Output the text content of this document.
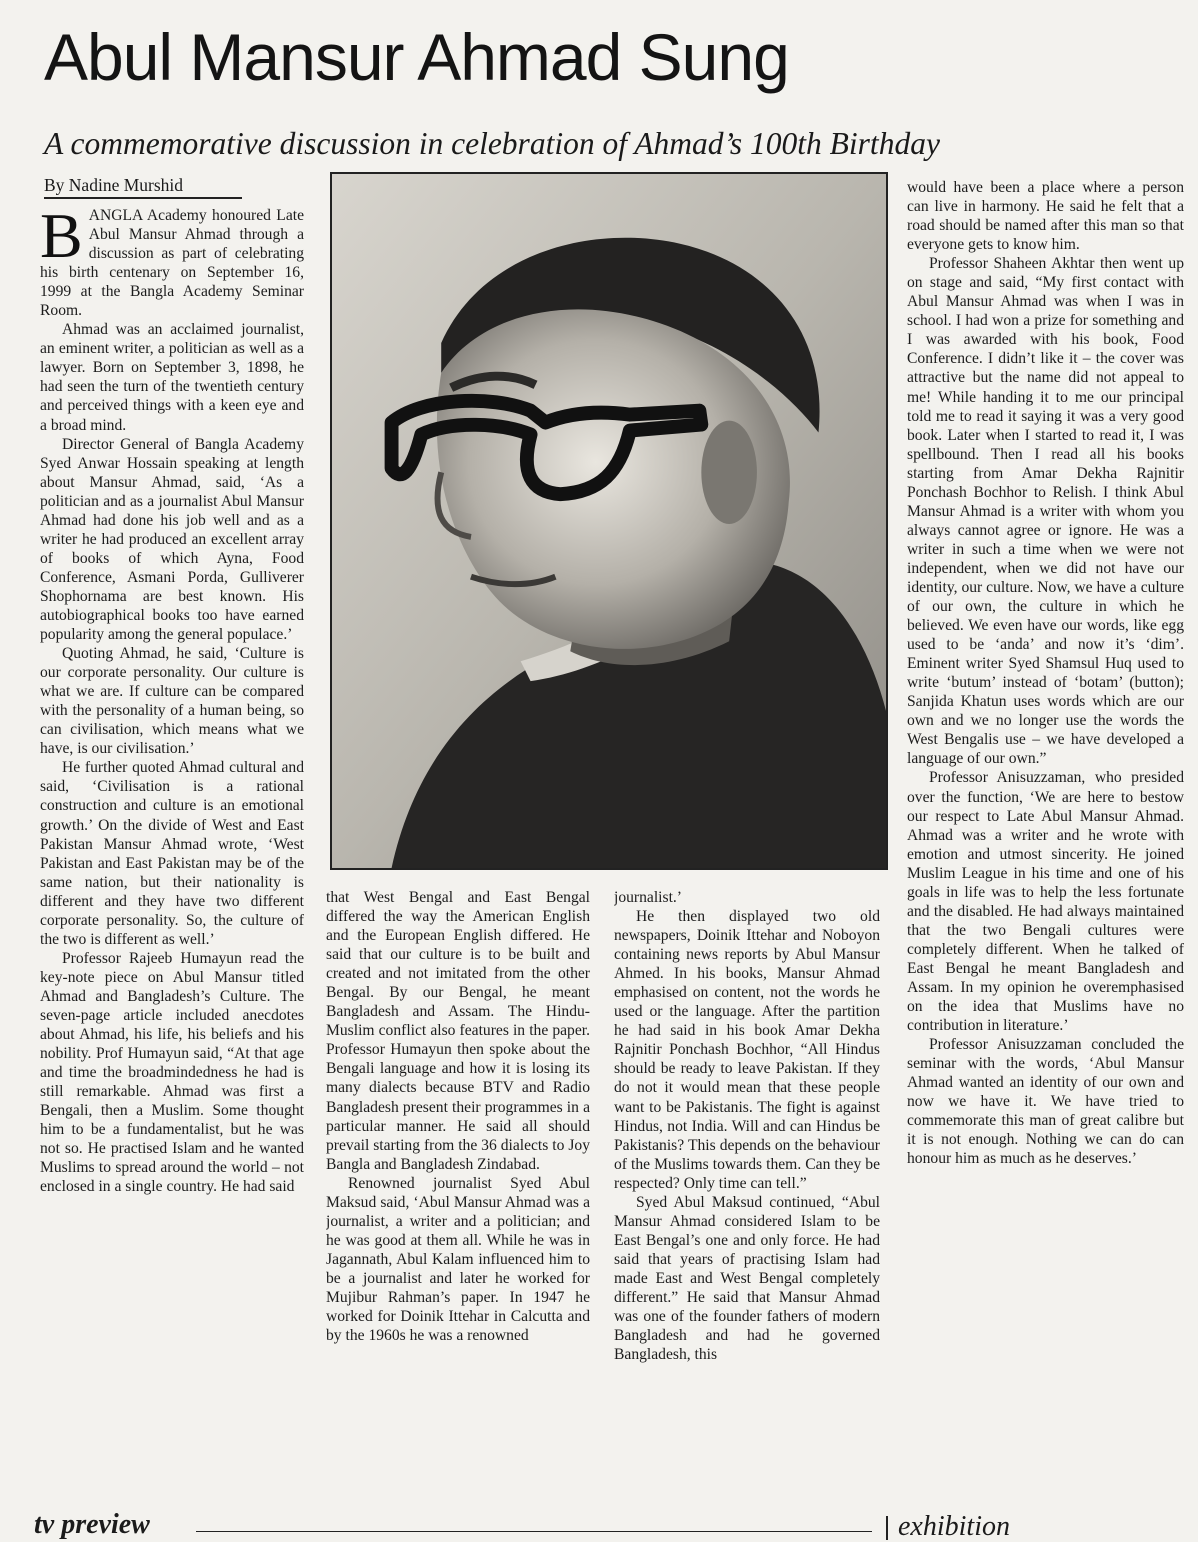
Abul Mansur Ahmad Sung
A commemorative discussion in celebration of Ahmad’s 100th Birthday
By Nadine Murshid

BANGLA Academy honoured Late Abul Mansur Ahmad through a discussion as part of celebrating his birth centenary on September 16, 1999 at the Bangla Academy Seminar Room.

Ahmad was an acclaimed journalist, an eminent writer, a politician as well as a lawyer. Born on September 3, 1898, he had seen the turn of the twentieth century and perceived things with a keen eye and a broad mind.

Director General of Bangla Academy Syed Anwar Hossain speaking at length about Mansur Ahmad, said, ‘As a politician and as a journalist Abul Mansur Ahmad had done his job well and as a writer he had produced an excellent array of books of which Ayna, Food Conference, Asmani Porda, Gulliverer Shophornama are best known. His autobiographical books too have earned popularity among the general populace.’

Quoting Ahmad, he said, ‘Culture is our corporate personality. Our culture is what we are. If culture can be compared with the personality of a human being, so can civilisation, which means what we have, is our civilisation.’

He further quoted Ahmad cultural and said, ‘Civilisation is a rational construction and culture is an emotional growth.’ On the divide of West and East Pakistan Mansur Ahmad wrote, ‘West Pakistan and East Pakistan may be of the same nation, but their nationality is different and they have two different corporate personality. So, the culture of the two is different as well.’

Professor Rajeeb Humayun read the key-note piece on Abul Mansur titled Ahmad and Bangladesh’s Culture. The seven-page article included anecdotes about Ahmad, his life, his beliefs and his nobility. Prof Humayun said, “At that age and time the broadmindedness he had is still remarkable. Ahmad was first a Bengali, then a Muslim. Some thought him to be a fundamentalist, but he was not so. He practised Islam and he wanted Muslims to spread around the world – not enclosed in a single country. He had said

that West Bengal and East Bengal differed the way the American English and the European English differed. He said that our culture is to be built and created and not imitated from the other Bengal. By our Bengal, he meant Bangladesh and Assam. The Hindu-Muslim conflict also features in the paper. Professor Humayun then spoke about the Bengali language and how it is losing its many dialects because BTV and Radio Bangladesh present their programmes in a particular manner. He said all should prevail starting from the 36 dialects to Joy Bangla and Bangladesh Zindabad.

Renowned journalist Syed Abul Maksud said, ‘Abul Mansur Ahmad was a journalist, a writer and a politician; and he was good at them all. While he was in Jagannath, Abul Kalam influenced him to be a journalist and later he worked for Mujibur Rahman’s paper. In 1947 he worked for Doinik Ittehar in Calcutta and by the 1960s he was a renowned

journalist.’

He then displayed two old newspapers, Doinik Ittehar and Noboyon containing news reports by Abul Mansur Ahmed. In his books, Mansur Ahmad emphasised on content, not the words he used or the language. After the partition he had said in his book Amar Dekha Rajnitir Ponchash Bochhor, “All Hindus should be ready to leave Pakistan. If they do not it would mean that these people want to be Pakistanis. The fight is against Hindus, not India. Will and can Hindus be Pakistanis? This depends on the behaviour of the Muslims towards them. Can they be respected? Only time can tell.”

Syed Abul Maksud continued, “Abul Mansur Ahmad considered Islam to be East Bengal’s one and only force. He had said that years of practising Islam had made East and West Bengal completely different.” He said that Mansur Ahmad was one of the founder fathers of modern Bangladesh and had he governed Bangladesh, this

would have been a place where a person can live in harmony. He said he felt that a road should be named after this man so that everyone gets to know him.

Professor Shaheen Akhtar then went up on stage and said, “My first contact with Abul Mansur Ahmad was when I was in school. I had won a prize for something and I was awarded with his book, Food Conference. I didn’t like it – the cover was attractive but the name did not appeal to me! While handing it to me our principal told me to read it saying it was a very good book. Later when I started to read it, I was spellbound. Then I read all his books starting from Amar Dekha Rajnitir Ponchash Bochhor to Relish. I think Abul Mansur Ahmad is a writer with whom you always cannot agree or ignore. He was a writer in such a time when we were not independent, when we did not have our identity, our culture. Now, we have a culture of our own, the culture in which he believed. We even have our words, like egg used to be ‘anda’ and now it’s ‘dim’. Eminent writer Syed Shamsul Huq used to write ‘butum’ instead of ‘botam’ (button); Sanjida Khatun uses words which are our own and we no longer use the words the West Bengalis use – we have developed a language of our own.”

Professor Anisuzzaman, who presided over the function, ‘We are here to bestow our respect to Late Abul Mansur Ahmad. Ahmad was a writer and he wrote with emotion and utmost sincerity. He joined Muslim League in his time and one of his goals in life was to help the less fortunate and the disabled. He had always maintained that the two Bengali cultures were completely different. When he talked of East Bengal he meant Bangladesh and Assam. In my opinion he overemphasised on the idea that Muslims have no contribution in literature.’

Professor Anisuzzaman concluded the seminar with the words, ‘Abul Mansur Ahmad wanted an identity of our own and now we have it. We have tried to commemorate this man of great calibre but it is not enough. Nothing we can do can honour him as much as he deserves.’

tv preview	exhibition
